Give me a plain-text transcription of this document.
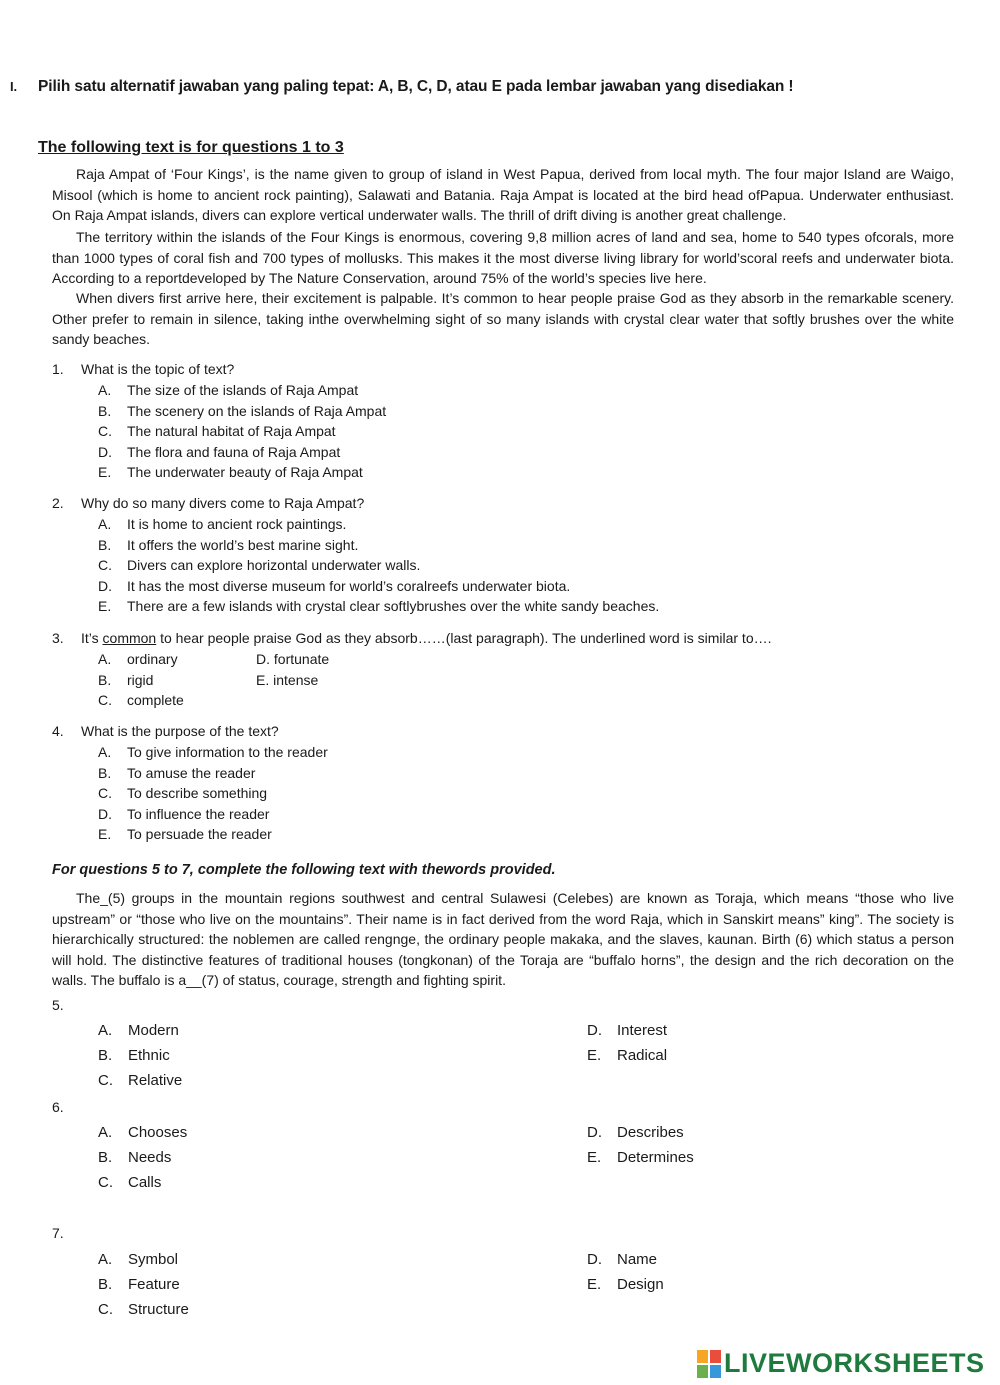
I. Pilih satu alternatif jawaban yang paling tepat: A, B, C, D, atau E pada lembar jawaban yang disediakan !
The following text is for questions 1 to 3

Raja Ampat of ‘Four Kings’, is the name given to group of island in West Papua, derived from local myth. The four major Island are Waigo, Misool (which is home to ancient rock painting), Salawati and Batania. Raja Ampat is located at the bird head ofPapua. Underwater enthusiast. On Raja Ampat islands, divers can explore vertical underwater walls. The thrill of drift diving is another great challenge.

The territory within the islands of the Four Kings is enormous, covering 9,8 million acres of land and sea, home to 540 types ofcorals, more than 1000 types of coral fish and 700 types of mollusks. This makes it the most diverse living library for world’scoral reefs and underwater biota. According to a reportdeveloped by The Nature Conservation, around 75% of the world’s species live here.

When divers first arrive here, their excitement is palpable. It’s common to hear people praise God as they absorb in the remarkable scenery. Other prefer to remain in silence, taking inthe overwhelming sight of so many islands with crystal clear water that softly brushes over the white sandy beaches.

1. What is the topic of text?
A. The size of the islands of Raja Ampat
B. The scenery on the islands of Raja Ampat
C. The natural habitat of Raja Ampat
D. The flora and fauna of Raja Ampat
E. The underwater beauty of Raja Ampat
2. Why do so many divers come to Raja Ampat?
A. It is home to ancient rock paintings.
B. It offers the world’s best marine sight.
C. Divers can explore horizontal underwater walls.
D. It has the most diverse museum for world’s coralreefs underwater biota.
E. There are a few islands with crystal clear softlybrushes over the white sandy beaches.
3. It’s common to hear people praise God as they absorb……(last paragraph). The underlined word is similar to….
A. ordinary	D. fortunate
B. rigid	E. intense
C. complete
4. What is the purpose of the text?
A. To give information to the reader
B. To amuse the reader
C. To describe something
D. To influence the reader
E. To persuade the reader
For questions 5 to 7, complete the following text with thewords provided.

The_(5) groups in the mountain regions southwest and central Sulawesi (Celebes) are known as Toraja, which means “those who live upstream” or “those who live on the mountains”. Their name is in fact derived from the word Raja, which in Sanskirt means” king”. The society is hierarchically structured: the noblemen are called rengnge, the ordinary people makaka, and the slaves, kaunan. Birth (6) which status a person will hold. The distinctive features of traditional houses (tongkonan) of the Toraja are “buffalo horns”, the design and the rich decoration on the walls. The buffalo is a__(7) of status, courage, strength and fighting spirit.

5.
A. Modern
B. Ethnic
C. Relative
D. Interest
E. Radical
6.
A. Chooses
B. Needs
C. Calls
D. Describes
E. Determines
7.
A. Symbol
B. Feature
C. Structure
D. Name
E. Design
LIVEWORKSHEETS
